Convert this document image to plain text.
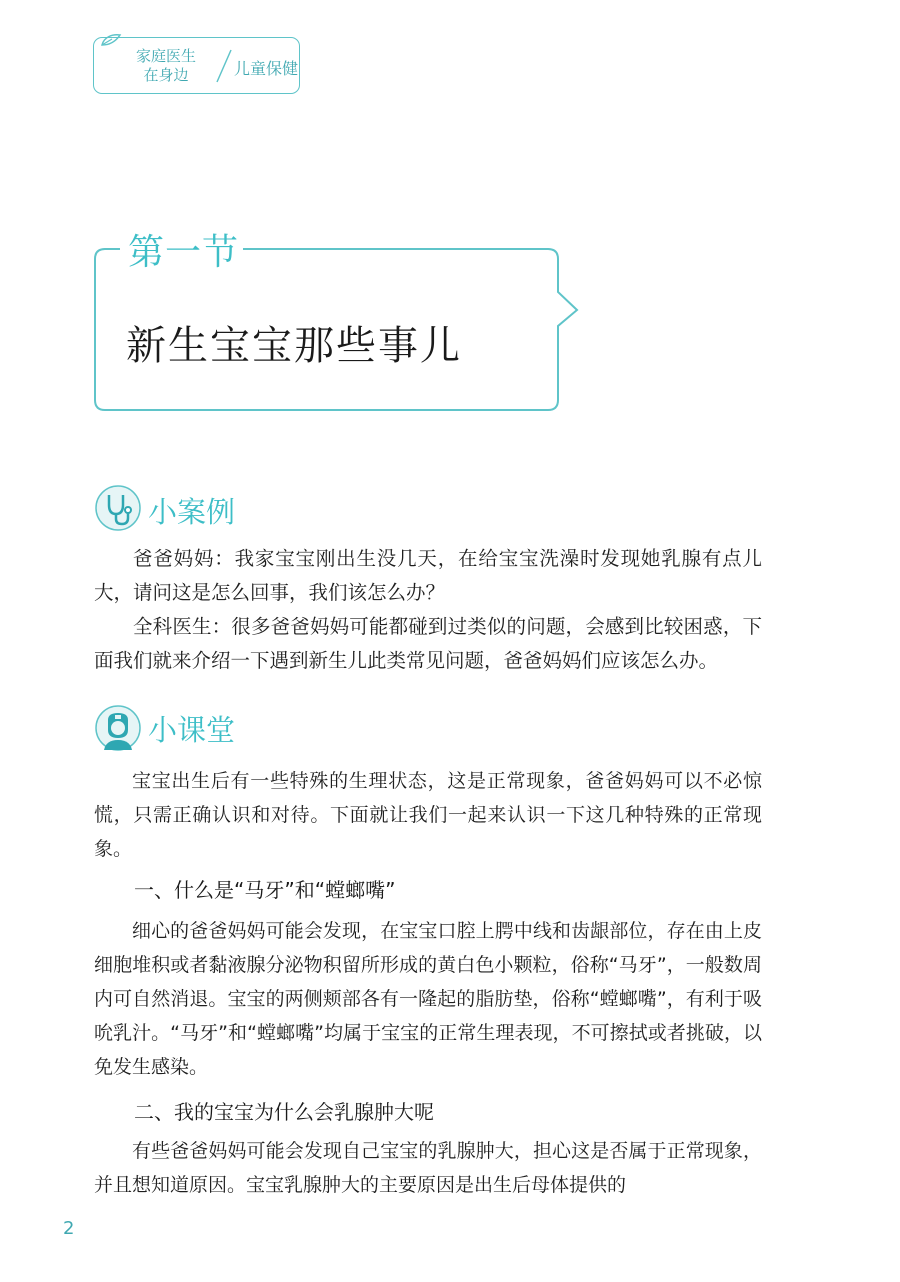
家庭医生
在身边	儿童保健
第一节
新生宝宝那些事儿
小案例
爸爸妈妈：我家宝宝刚出生没几天，在给宝宝洗澡时发现她乳腺有点儿大，请问这是怎么回事，我们该怎么办？
全科医生：很多爸爸妈妈可能都碰到过类似的问题，会感到比较困惑，下面我们就来介绍一下遇到新生儿此类常见问题，爸爸妈妈们应该怎么办。
小课堂
宝宝出生后有一些特殊的生理状态，这是正常现象，爸爸妈妈可以不必惊慌，只需正确认识和对待。下面就让我们一起来认识一下这几种特殊的正常现象。
一、什么是“马牙”和“螳螂嘴”
细心的爸爸妈妈可能会发现，在宝宝口腔上腭中线和齿龈部位，存在由上皮细胞堆积或者黏液腺分泌物积留所形成的黄白色小颗粒，俗称“马牙”，一般数周内可自然消退。宝宝的两侧颊部各有一隆起的脂肪垫，俗称“螳螂嘴”，有利于吸吮乳汁。“马牙”和“螳螂嘴”均属于宝宝的正常生理表现，不可擦拭或者挑破，以免发生感染。
二、我的宝宝为什么会乳腺肿大呢
有些爸爸妈妈可能会发现自己宝宝的乳腺肿大，担心这是否属于正常现象，并且想知道原因。宝宝乳腺肿大的主要原因是出生后母体提供的
2
